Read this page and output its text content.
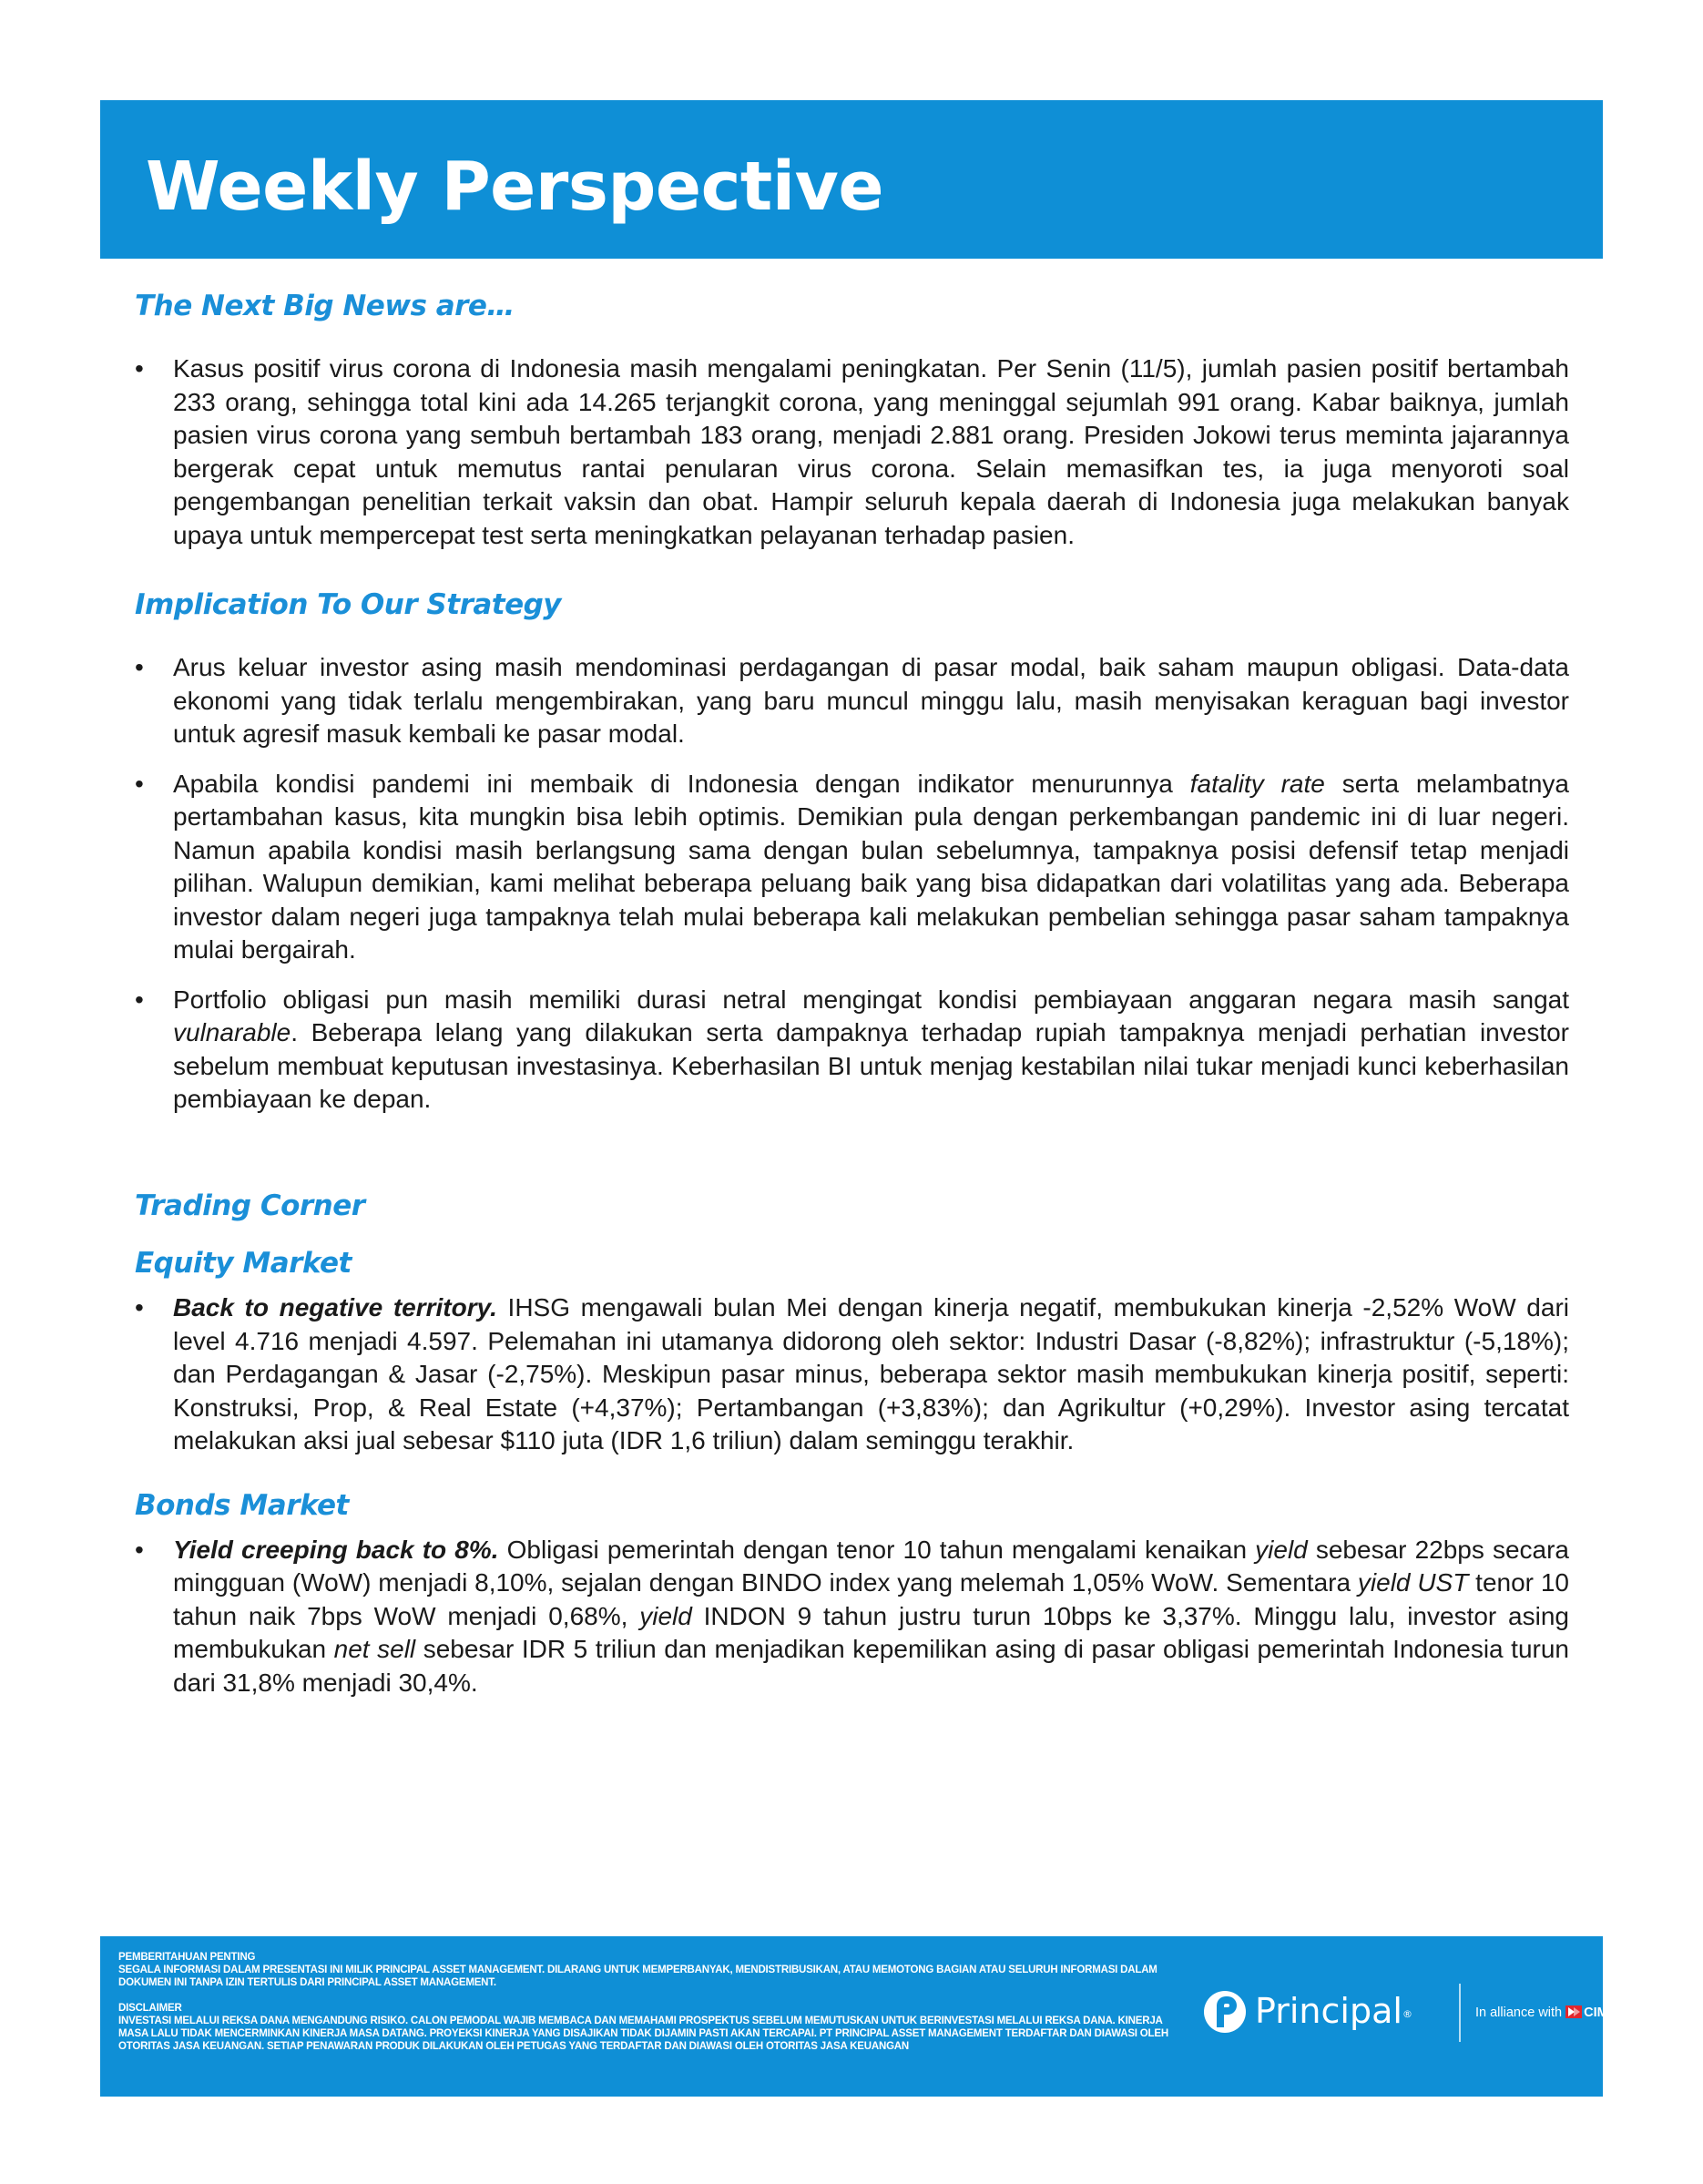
Weekly Perspective
The Next Big News are…
• Kasus positif virus corona di Indonesia masih mengalami peningkatan. Per Senin (11/5), jumlah pasien positif bertambah 233 orang, sehingga total kini ada 14.265 terjangkit corona, yang meninggal sejumlah 991 orang. Kabar baiknya, jumlah pasien virus corona yang sembuh bertambah 183 orang, menjadi 2.881 orang. Presiden Jokowi terus meminta jajarannya bergerak cepat untuk memutus rantai penularan virus corona. Selain memasifkan tes, ia juga menyoroti soal pengembangan penelitian terkait vaksin dan obat. Hampir seluruh kepala daerah di Indonesia juga melakukan banyak upaya untuk mempercepat test serta meningkatkan pelayanan terhadap pasien.
Implication To Our Strategy
• Arus keluar investor asing masih mendominasi perdagangan di pasar modal, baik saham maupun obligasi. Data-data ekonomi yang tidak terlalu mengembirakan, yang baru muncul minggu lalu, masih menyisakan keraguan bagi investor untuk agresif masuk kembali ke pasar modal.
• Apabila kondisi pandemi ini membaik di Indonesia dengan indikator menurunnya fatality rate serta melambatnya pertambahan kasus, kita mungkin bisa lebih optimis. Demikian pula dengan perkembangan pandemic ini di luar negeri. Namun apabila kondisi masih berlangsung sama dengan bulan sebelumnya, tampaknya posisi defensif tetap menjadi pilihan. Walupun demikian, kami melihat beberapa peluang baik yang bisa didapatkan dari volatilitas yang ada. Beberapa investor dalam negeri juga tampaknya telah mulai beberapa kali melakukan pembelian sehingga pasar saham tampaknya mulai bergairah.
• Portfolio obligasi pun masih memiliki durasi netral mengingat kondisi pembiayaan anggaran negara masih sangat vulnarable. Beberapa lelang yang dilakukan serta dampaknya terhadap rupiah tampaknya menjadi perhatian investor sebelum membuat keputusan investasinya. Keberhasilan BI untuk menjag kestabilan nilai tukar menjadi kunci keberhasilan pembiayaan ke depan.
Trading Corner
Equity Market
• Back to negative territory. IHSG mengawali bulan Mei dengan kinerja negatif, membukukan kinerja -2,52% WoW dari level 4.716 menjadi 4.597. Pelemahan ini utamanya didorong oleh sektor: Industri Dasar (-8,82%); infrastruktur (-5,18%); dan Perdagangan & Jasar (-2,75%). Meskipun pasar minus, beberapa sektor masih membukukan kinerja positif, seperti: Konstruksi, Prop, & Real Estate (+4,37%); Pertambangan (+3,83%); dan Agrikultur (+0,29%). Investor asing tercatat melakukan aksi jual sebesar $110 juta (IDR 1,6 triliun) dalam seminggu terakhir.
Bonds Market
• Yield creeping back to 8%. Obligasi pemerintah dengan tenor 10 tahun mengalami kenaikan yield sebesar 22bps secara mingguan (WoW) menjadi 8,10%, sejalan dengan BINDO index yang melemah 1,05% WoW. Sementara yield UST tenor 10 tahun naik 7bps WoW menjadi 0,68%, yield INDON 9 tahun justru turun 10bps ke 3,37%. Minggu lalu, investor asing membukukan net sell sebesar IDR 5 triliun dan menjadikan kepemilikan asing di pasar obligasi pemerintah Indonesia turun dari 31,8% menjadi 30,4%.

PEMBERITAHUAN PENTING

SEGALA INFORMASI DALAM PRESENTASI INI MILIK PRINCIPAL ASSET MANAGEMENT. DILARANG UNTUK MEMPERBANYAK, MENDISTRIBUSIKAN, ATAU MEMOTONG BAGIAN ATAU SELURUH INFORMASI DALAM DOKUMEN INI TANPA IZIN TERTULIS DARI PRINCIPAL ASSET MANAGEMENT.

DISCLAIMER

INVESTASI MELALUI REKSA DANA MENGANDUNG RISIKO. CALON PEMODAL WAJIB MEMBACA DAN MEMAHAMI PROSPEKTUS SEBELUM MEMUTUSKAN UNTUK BERINVESTASI MELALUI REKSA DANA. KINERJA MASA LALU TIDAK MENCERMINKAN KINERJA MASA DATANG. PROYEKSI KINERJA YANG DISAJIKAN TIDAK DIJAMIN PASTI AKAN TERCAPAI. PT PRINCIPAL ASSET MANAGEMENT TERDAFTAR DAN DIAWASI OLEH OTORITAS JASA KEUANGAN. SETIAP PENAWARAN PRODUK DILAKUKAN OLEH PETUGAS YANG TERDAFTAR DAN DIAWASI OLEH OTORITAS JASA KEUANGAN

Principal®	In alliance with CIMB
